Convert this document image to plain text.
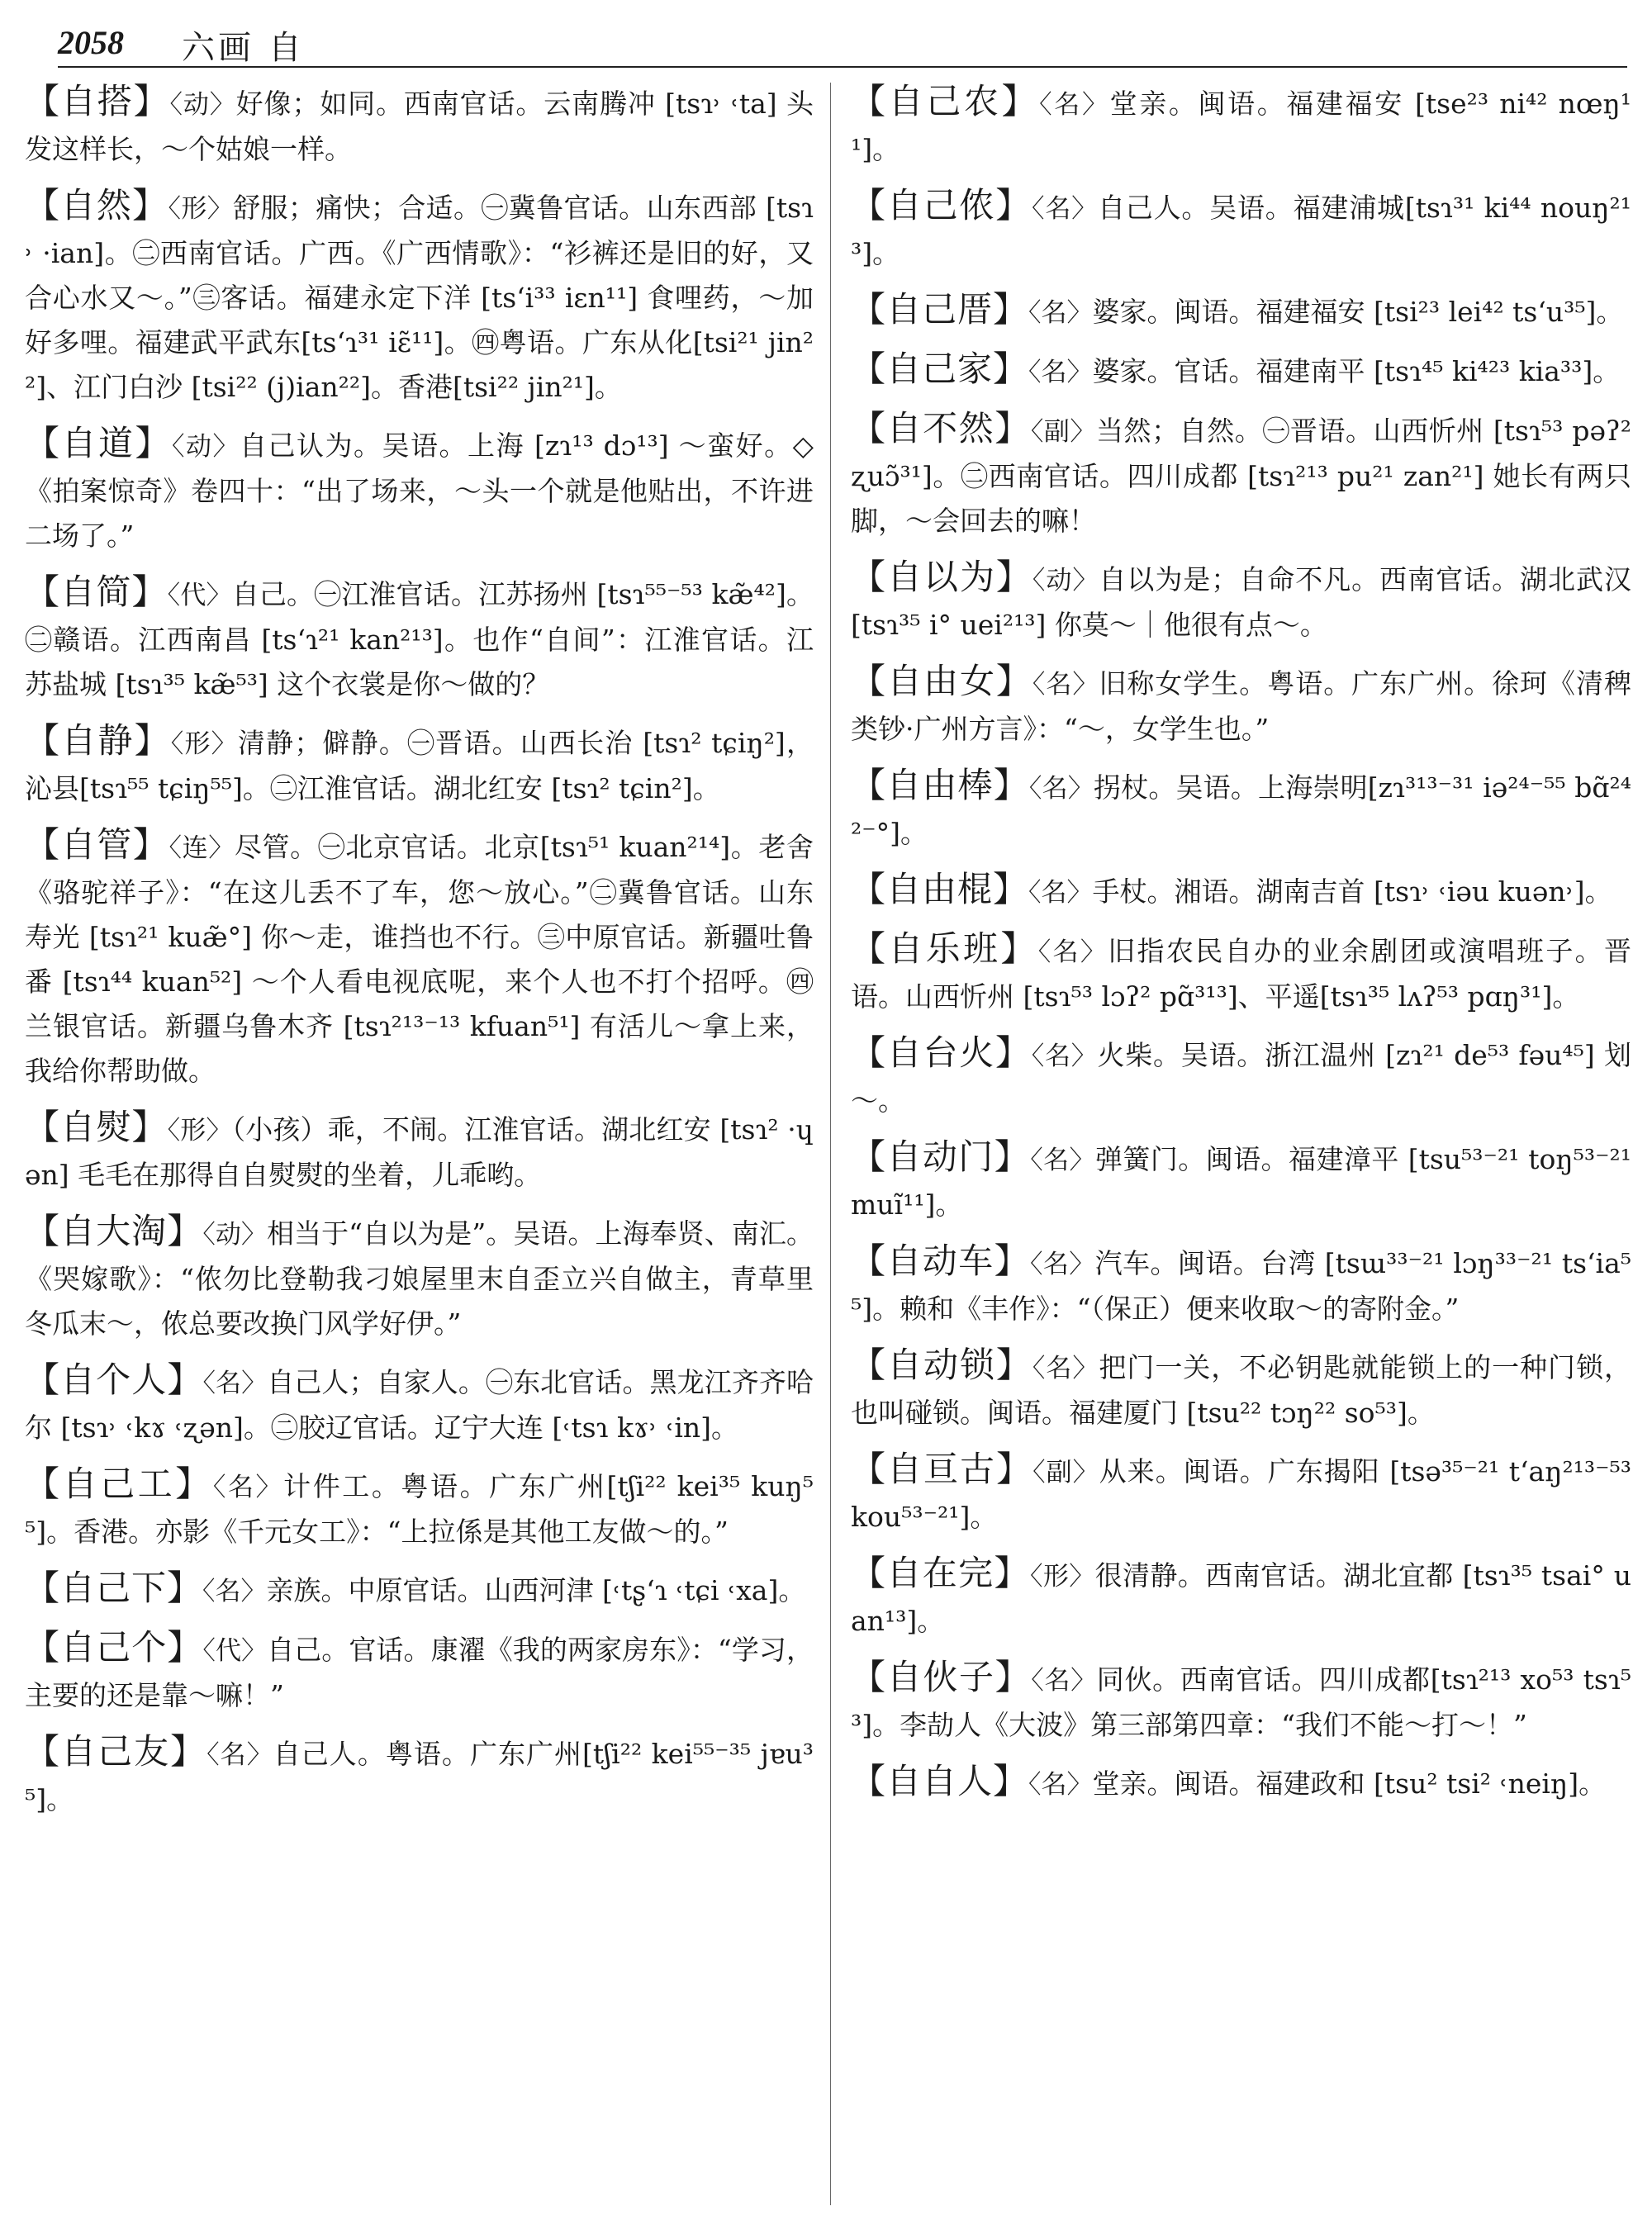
2058 六画 自

【自搭】〈动〉好像；如同。西南官话。云南腾冲 [tsɿ˒ ˓ta] 头发这样长，～个姑娘一样。

【自然】〈形〉舒服；痛快；合适。㊀冀鲁官话。山东西部 [tsɿ˒ ·ian]。㊁西南官话。广西。《广西情歌》：“衫裤还是旧的好，又合心水又～。”㊂客话。福建永定下洋 [tsʻi³³ iɛn¹¹] 食哩药，～加好多哩。福建武平武东[tsʻɿ³¹ iɛ̃¹¹]。㊃粤语。广东从化[tsi²¹ jin²²]、江门白沙 [tsi²² (j)ian²²]。香港[tsi²² jin²¹]。

【自道】〈动〉自己认为。吴语。上海 [zɿ¹³ dɔ¹³] ～蛮好。◇《拍案惊奇》卷四十：“出了场来，～头一个就是他贴出，不许进二场了。”

【自简】〈代〉自己。㊀江淮官话。江苏扬州 [tsɿ⁵⁵⁻⁵³ kæ̃⁴²]。㊁赣语。江西南昌 [tsʻɿ²¹ kan²¹³]。也作“自间”：江淮官话。江苏盐城 [tsɿ³⁵ kæ̃⁵³] 这个衣裳是你～做的？

【自静】〈形〉清静；僻静。㊀晋语。山西长治 [tsɿ² tɕiŋ²]，沁县[tsɿ⁵⁵ tɕiŋ⁵⁵]。㊁江淮官话。湖北红安 [tsɿ² tɕin²]。

【自管】〈连〉尽管。㊀北京官话。北京[tsɿ⁵¹ kuan²¹⁴]。老舍《骆驼祥子》：“在这儿丢不了车，您～放心。”㊁冀鲁官话。山东寿光 [tsɿ²¹ kuæ̃°] 你～走，谁挡也不行。㊂中原官话。新疆吐鲁番 [tsɿ⁴⁴ kuan⁵²] ～个人看电视底呢，来个人也不打个招呼。㊃兰银官话。新疆乌鲁木齐 [tsɿ²¹³⁻¹³ kfuan⁵¹] 有活儿～拿上来，我给你帮助做。

【自熨】〈形〉（小孩）乖，不闹。江淮官话。湖北红安 [tsɿ² ·ɥən] 毛毛在那得自自熨熨的坐着，儿乖哟。

【自大淘】〈动〉相当于“自以为是”。吴语。上海奉贤、南汇。《哭嫁歌》：“侬勿比登勒我刁娘屋里末自歪立兴自做主，青草里冬瓜末～，侬总要改换门风学好伊。”

【自个人】〈名〉自己人；自家人。㊀东北官话。黑龙江齐齐哈尔 [tsɿ˒ ˓kɤ ˓ʐən]。㊁胶辽官话。辽宁大连 [˓tsɿ kɤ˒ ˓in]。

【自己工】〈名〉计件工。粤语。广东广州[tʃi²² kei³⁵ kuŋ⁵⁵]。香港。亦影《千元女工》：“上拉係是其他工友做～的。”

【自己下】〈名〉亲族。中原官话。山西河津 [˓tʂʻɿ ˓tɕi ˓xa]。

【自己个】〈代〉自己。官话。康濯《我的两家房东》：“学习，主要的还是靠～嘛！”

【自己友】〈名〉自己人。粤语。广东广州[tʃi²² kei⁵⁵⁻³⁵ jɐu³⁵]。

【自己农】〈名〉堂亲。闽语。福建福安 [tse²³ ni⁴² nœŋ¹¹]。

【自己侬】〈名〉自己人。吴语。福建浦城[tsɿ³¹ ki⁴⁴ nouŋ²¹³]。

【自己厝】〈名〉婆家。闽语。福建福安 [tsi²³ lei⁴² tsʻu³⁵]。

【自己家】〈名〉婆家。官话。福建南平 [tsɿ⁴⁵ ki⁴²³ kia³³]。

【自不然】〈副〉当然；自然。㊀晋语。山西忻州 [tsɿ⁵³ pəʔ² ʐuɔ̃³¹]。㊁西南官话。四川成都 [tsɿ²¹³ pu²¹ zan²¹] 她长有两只脚，～会回去的嘛！

【自以为】〈动〉自以为是；自命不凡。西南官话。湖北武汉 [tsɿ³⁵ i° uei²¹³] 你莫～｜他很有点～。

【自由女】〈名〉旧称女学生。粤语。广东广州。徐珂《清稗类钞·广州方言》：“～，女学生也。”

【自由棒】〈名〉拐杖。吴语。上海崇明[zɿ³¹³⁻³¹ iə²⁴⁻⁵⁵ bɑ̃²⁴²⁻°]。

【自由棍】〈名〉手杖。湘语。湖南吉首 [tsɿ˒ ˓iəu kuən˒]。

【自乐班】〈名〉旧指农民自办的业余剧团或演唱班子。晋语。山西忻州 [tsɿ⁵³ lɔʔ² pɑ̃³¹³]、平遥[tsɿ³⁵ lʌʔ⁵³ pɑŋ³¹]。

【自台火】〈名〉火柴。吴语。浙江温州 [zɿ²¹ de⁵³ fəu⁴⁵] 划～。

【自动门】〈名〉弹簧门。闽语。福建漳平 [tsu⁵³⁻²¹ toŋ⁵³⁻²¹ muĩ¹¹]。

【自动车】〈名〉汽车。闽语。台湾 [tsɯ³³⁻²¹ lɔŋ³³⁻²¹ tsʻia⁵⁵]。赖和《丰作》：“（保正）便来收取～的寄附金。”

【自动锁】〈名〉把门一关，不必钥匙就能锁上的一种门锁，也叫碰锁。闽语。福建厦门 [tsu²² tɔŋ²² so⁵³]。

【自亘古】〈副〉从来。闽语。广东揭阳 [tsə³⁵⁻²¹ tʻaŋ²¹³⁻⁵³ kou⁵³⁻²¹]。

【自在完】〈形〉很清静。西南官话。湖北宜都 [tsɿ³⁵ tsai° uan¹³]。

【自伙子】〈名〉同伙。西南官话。四川成都[tsɿ²¹³ xo⁵³ tsɿ⁵³]。李劼人《大波》第三部第四章：“我们不能～打～！”

【自自人】〈名〉堂亲。闽语。福建政和 [tsu² tsi² ˓neiŋ]。
